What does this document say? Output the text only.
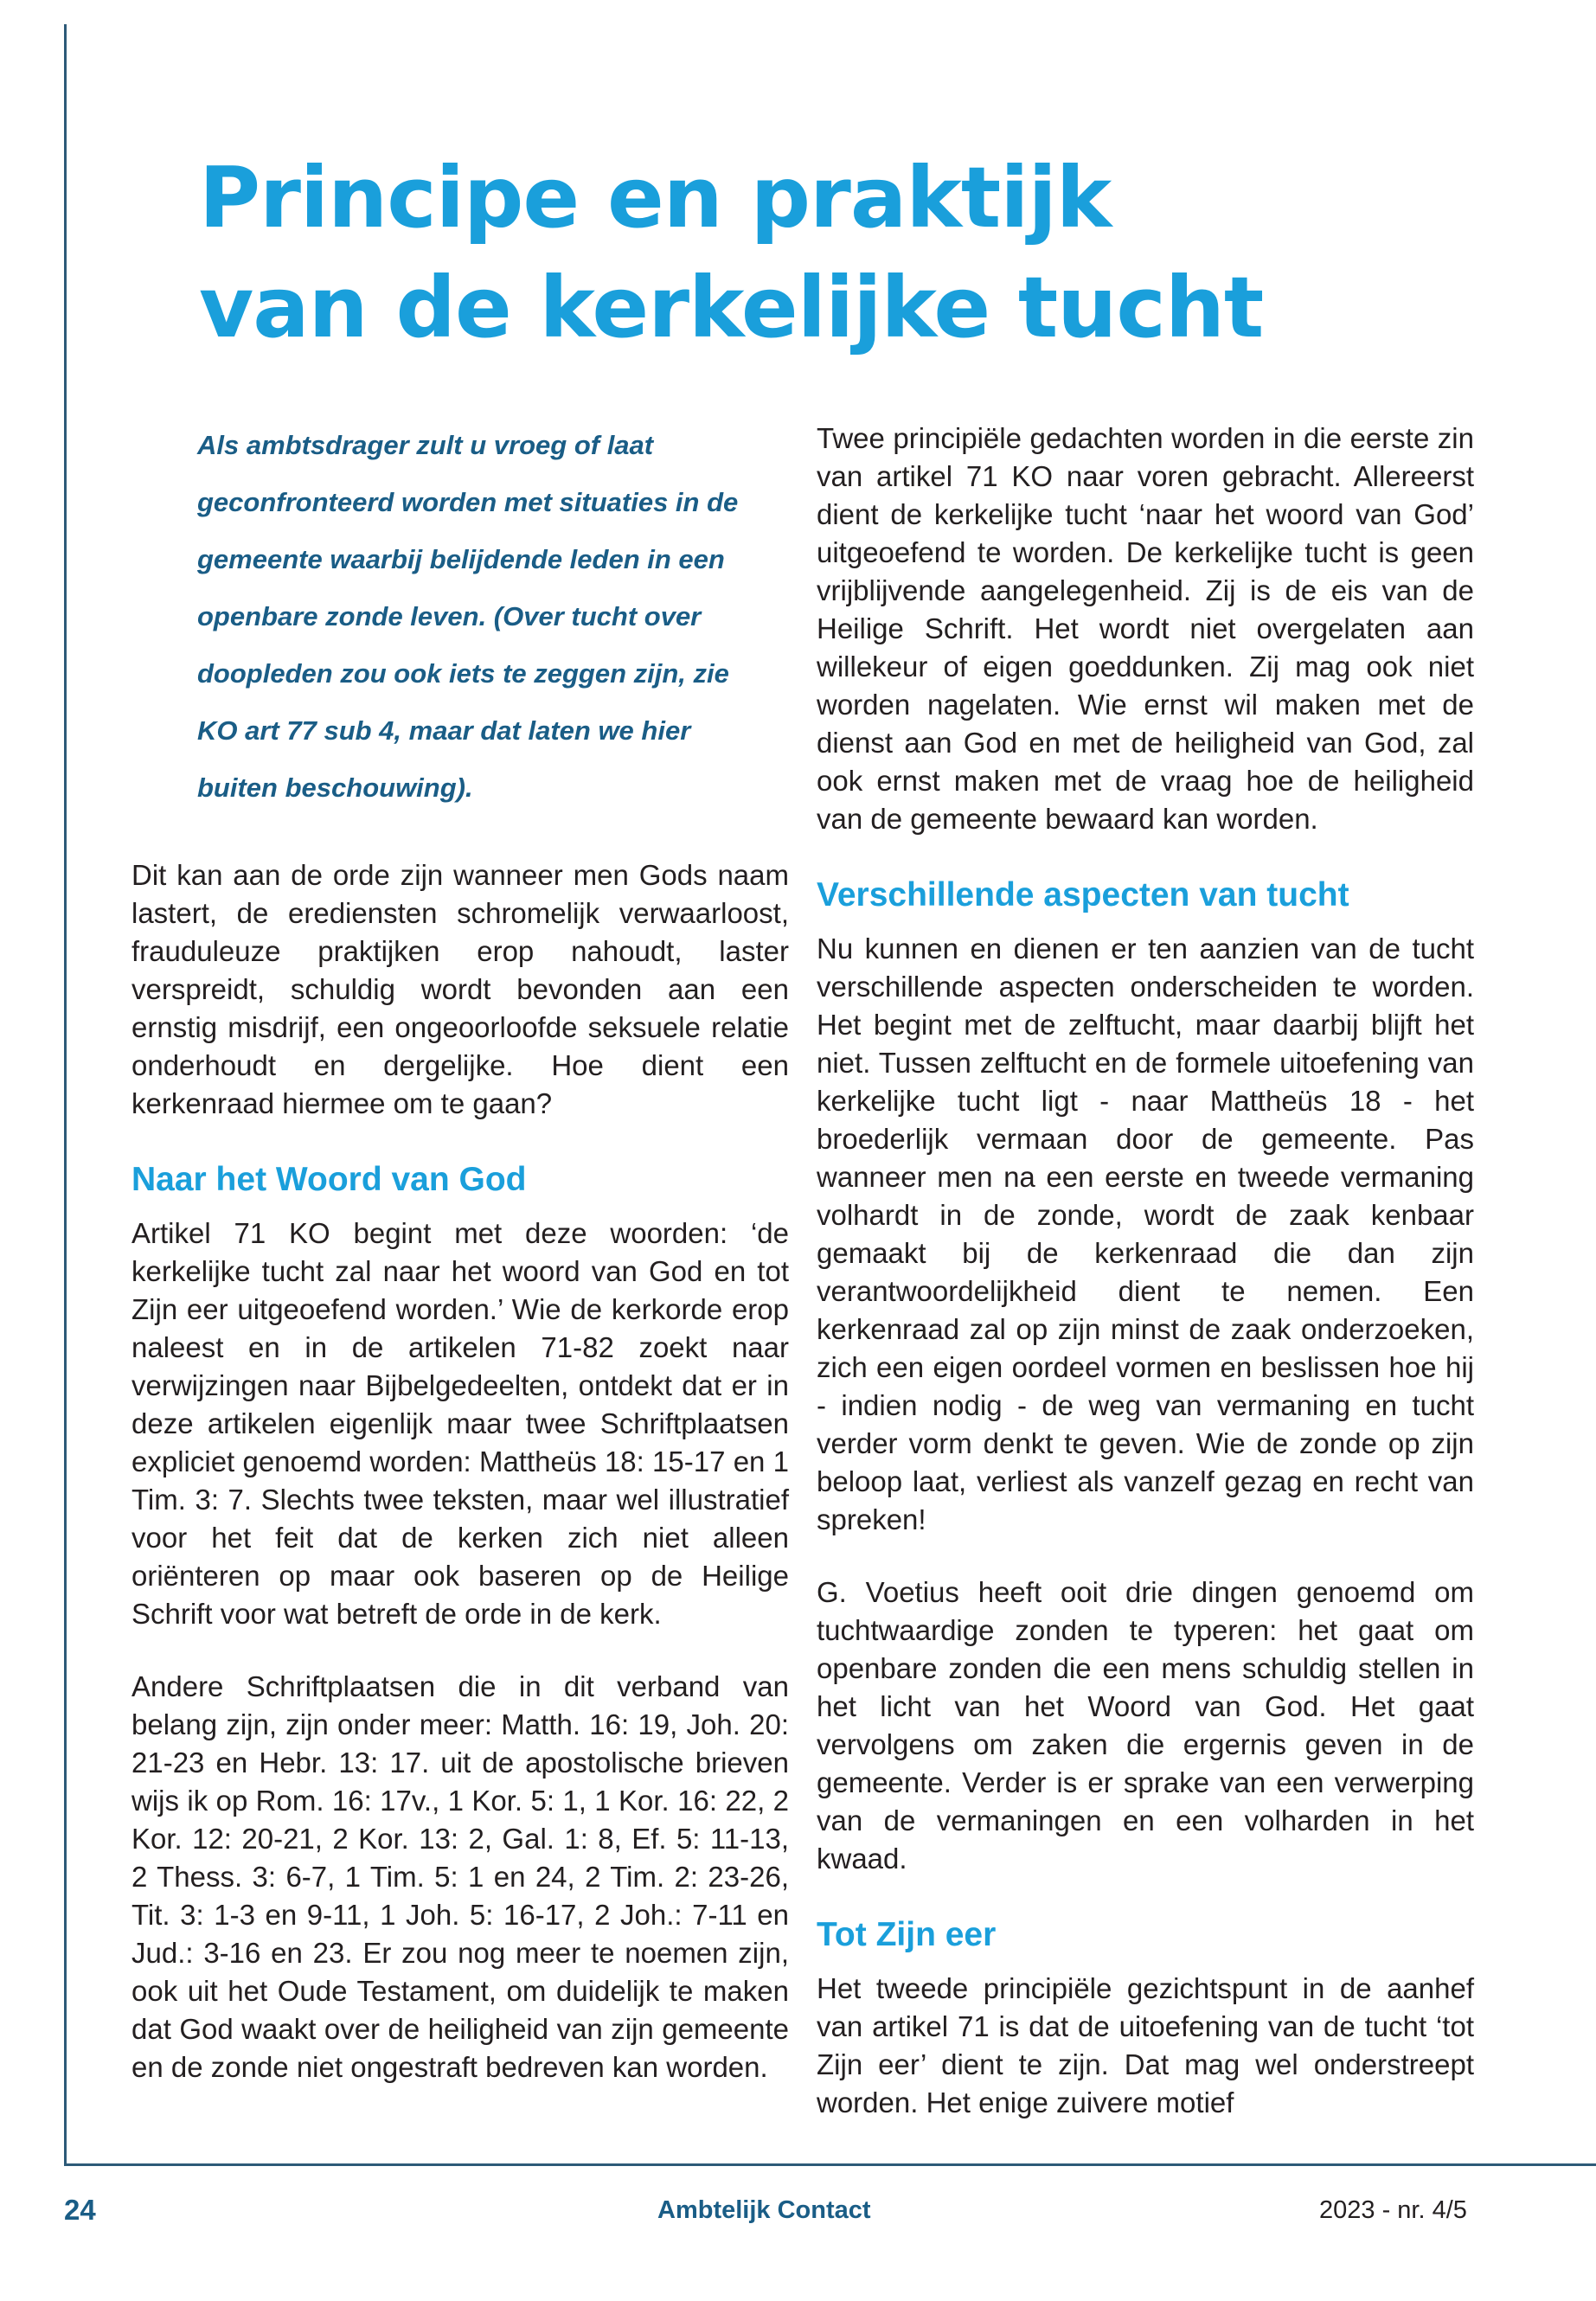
Principe en praktijk
van de kerkelijke tucht
Als ambtsdrager zult u vroeg of laat
geconfronteerd worden met situaties in de
gemeente waarbij belijdende leden in een
openbare zonde leven. (Over tucht over
doopleden zou ook iets te zeggen zijn, zie
KO art 77 sub 4, maar dat laten we hier
buiten beschouwing).

Dit kan aan de orde zijn wanneer men Gods naam lastert, de erediensten schromelijk verwaarloost, frauduleuze praktijken erop nahoudt, laster verspreidt, schuldig wordt bevonden aan een ernstig misdrijf, een ongeoorloofde seksuele relatie onderhoudt en dergelijke. Hoe dient een kerkenraad hiermee om te gaan?

Naar het Woord van God

Artikel 71 KO begint met deze woorden: ‘de kerkelijke tucht zal naar het woord van God en tot Zijn eer uitgeoefend worden.’ Wie de kerkorde erop naleest en in de artikelen 71-82 zoekt naar verwijzingen naar Bijbelgedeelten, ontdekt dat er in deze artikelen eigenlijk maar twee Schriftplaatsen expliciet genoemd worden: Mattheüs 18: 15-17 en 1 Tim. 3: 7. Slechts twee teksten, maar wel illustratief voor het feit dat de kerken zich niet alleen oriënteren op maar ook baseren op de Heilige Schrift voor wat betreft de orde in de kerk.

Andere Schriftplaatsen die in dit verband van belang zijn, zijn onder meer: Matth. 16: 19, Joh. 20: 21-23 en Hebr. 13: 17. uit de apostolische brieven wijs ik op Rom. 16: 17v., 1 Kor. 5: 1, 1 Kor. 16: 22, 2 Kor. 12: 20-21, 2 Kor. 13: 2, Gal. 1: 8, Ef. 5: 11-13, 2 Thess. 3: 6-7, 1 Tim. 5: 1 en 24, 2 Tim. 2: 23-26, Tit. 3: 1-3 en 9-11, 1 Joh. 5: 16-17, 2 Joh.: 7-11 en Jud.: 3-16 en 23. Er zou nog meer te noemen zijn, ook uit het Oude Testament, om duidelijk te maken dat God waakt over de heiligheid van zijn gemeente en de zonde niet ongestraft bedreven kan worden.

Twee principiële gedachten worden in die eerste zin van artikel 71 KO naar voren gebracht. Allereerst dient de kerkelijke tucht ‘naar het woord van God’ uitgeoefend te worden. De kerkelijke tucht is geen vrijblijvende aangelegenheid. Zij is de eis van de Heilige Schrift. Het wordt niet overgelaten aan willekeur of eigen goeddunken. Zij mag ook niet worden nagelaten. Wie ernst wil maken met de dienst aan God en met de heiligheid van God, zal ook ernst maken met de vraag hoe de heiligheid van de gemeente bewaard kan worden.

Verschillende aspecten van tucht

Nu kunnen en dienen er ten aanzien van de tucht verschillende aspecten onderscheiden te worden. Het begint met de zelftucht, maar daarbij blijft het niet. Tussen zelftucht en de formele uitoefening van kerkelijke tucht ligt - naar Mattheüs 18 - het broederlijk vermaan door de gemeente. Pas wanneer men na een eerste en tweede vermaning volhardt in de zonde, wordt de zaak kenbaar gemaakt bij de kerkenraad die dan zijn verantwoordelijkheid dient te nemen. Een kerkenraad zal op zijn minst de zaak onderzoeken, zich een eigen oordeel vormen en beslissen hoe hij - indien nodig - de weg van vermaning en tucht verder vorm denkt te geven. Wie de zonde op zijn beloop laat, verliest als vanzelf gezag en recht van spreken!

G. Voetius heeft ooit drie dingen genoemd om tuchtwaardige zonden te typeren: het gaat om openbare zonden die een mens schuldig stellen in het licht van het Woord van God. Het gaat vervolgens om zaken die ergernis geven in de gemeente. Verder is er sprake van een verwerping van de vermaningen en een volharden in het kwaad.

Tot Zijn eer

Het tweede principiële gezichtspunt in de aanhef van artikel 71 is dat de uitoefening van de tucht ‘tot Zijn eer’ dient te zijn. Dat mag wel onderstreept worden. Het enige zuivere motief

24	Ambtelijk Contact	2023 - nr. 4/5
